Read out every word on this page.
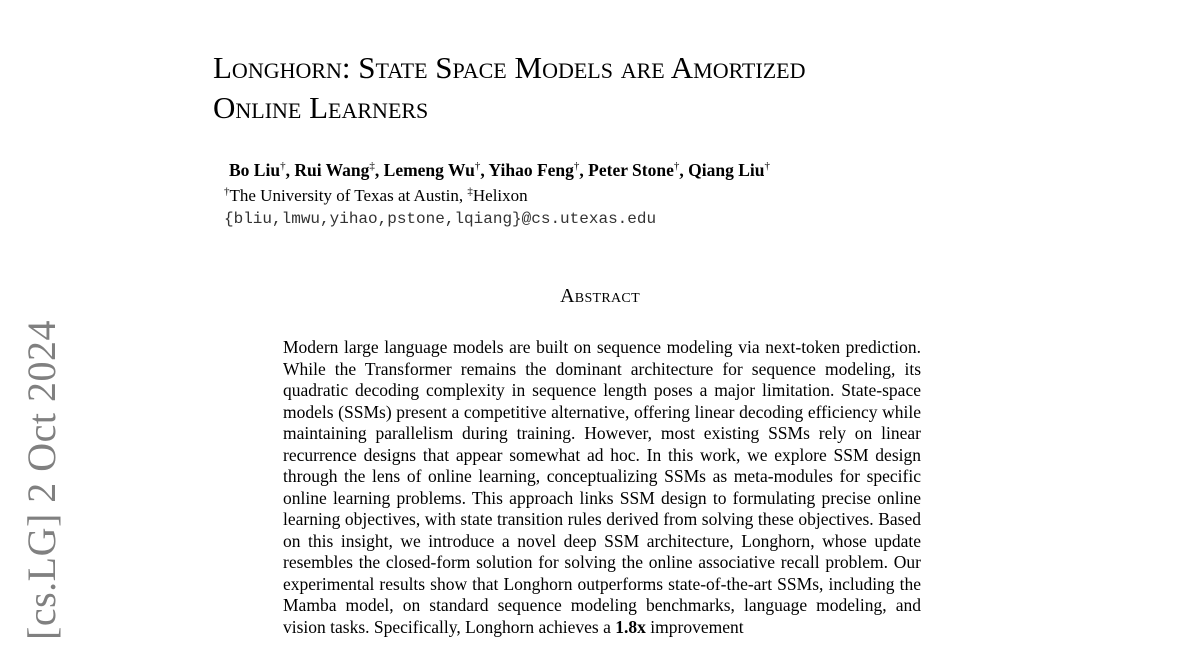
[cs.LG] 2 Oct 2024
Longhorn: State Space Models are Amortized
Online Learners
Bo Liu†, Rui Wang‡, Lemeng Wu†, Yihao Feng†, Peter Stone†, Qiang Liu†
†The University of Texas at Austin, ‡Helixon
{bliu,lmwu,yihao,pstone,lqiang}@cs.utexas.edu
Abstract

Modern large language models are built on sequence modeling via next-token prediction. While the Transformer remains the dominant architecture for sequence modeling, its quadratic decoding complexity in sequence length poses a major limitation. State-space models (SSMs) present a competitive alternative, offering linear decoding efficiency while maintaining parallelism during training. However, most existing SSMs rely on linear recurrence designs that appear somewhat ad hoc. In this work, we explore SSM design through the lens of online learning, conceptualizing SSMs as meta-modules for specific online learning problems. This approach links SSM design to formulating precise online learning objectives, with state transition rules derived from solving these objectives. Based on this insight, we introduce a novel deep SSM architecture, Longhorn, whose update resembles the closed-form solution for solving the online associative recall problem. Our experimental results show that Longhorn outperforms state-of-the-art SSMs, including the Mamba model, on standard sequence modeling benchmarks, language modeling, and vision tasks. Specifically, Longhorn achieves a 1.8x improvement
